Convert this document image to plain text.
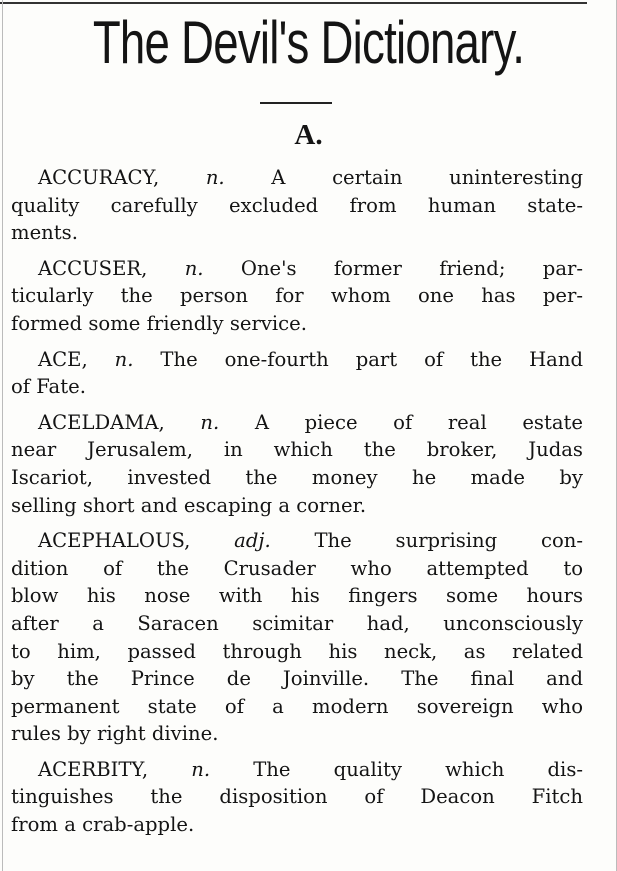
The Devil's Dictionary.
A.
ACCURACY, n. A certain uninteresting
quality carefully excluded from human state-
ments.
ACCUSER, n. One's former friend; par-
ticularly the person for whom one has per-
formed some friendly service.
ACE, n. The one-fourth part of the Hand
of Fate.
ACELDAMA, n. A piece of real estate
near Jerusalem, in which the broker, Judas
Iscariot, invested the money he made by
selling short and escaping a corner.
ACEPHALOUS, adj. The surprising con-
dition of the Crusader who attempted to
blow his nose with his fingers some hours
after a Saracen scimitar had, unconsciously
to him, passed through his neck, as related
by the Prince de Joinville. The final and
permanent state of a modern sovereign who
rules by right divine.
ACERBITY, n. The quality which dis-
tinguishes the disposition of Deacon Fitch
from a crab-apple.
